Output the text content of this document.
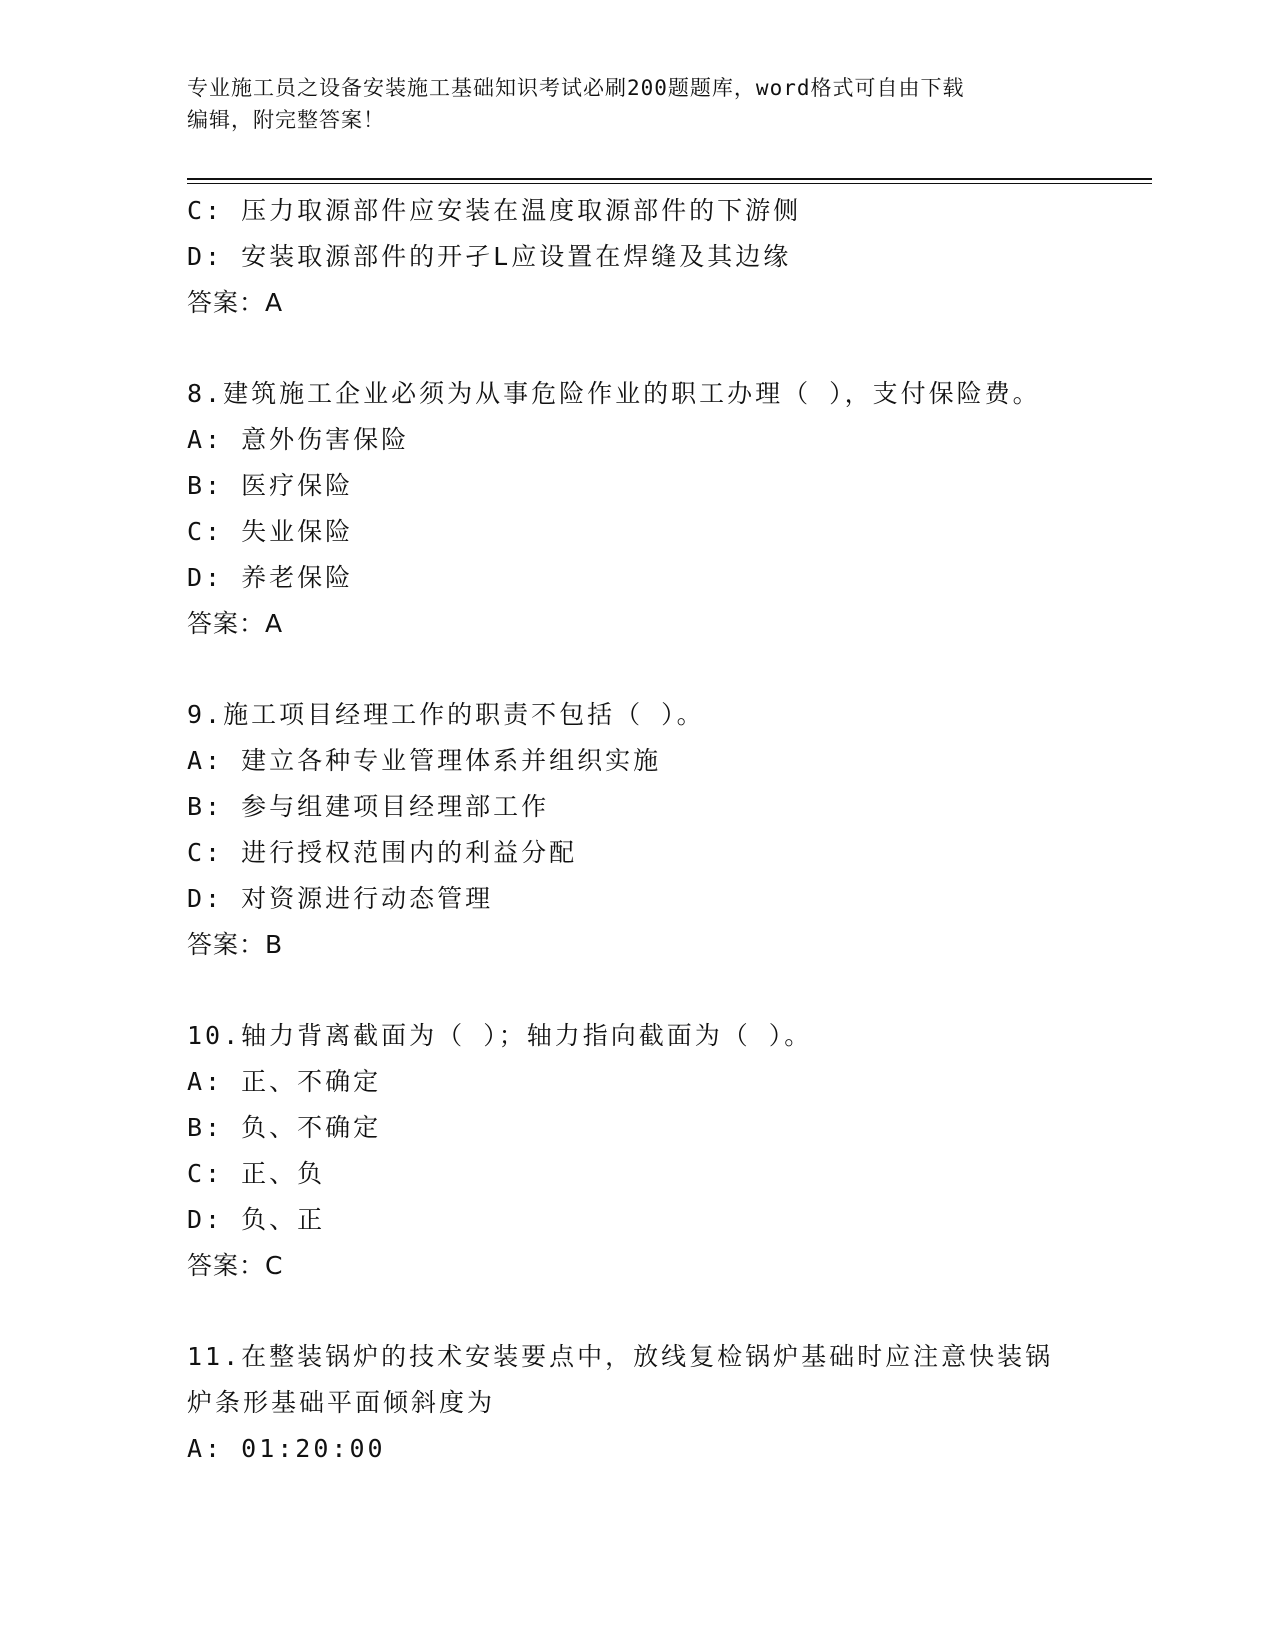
专业施工员之设备安装施工基础知识考试必刷200题题库，word格式可自由下载
编辑，附完整答案！
C: 压力取源部件应安装在温度取源部件的下游侧
D: 安装取源部件的开孑L应设置在焊缝及其边缘
答案：A
8.建筑施工企业必须为从事危险作业的职工办理（ ），支付保险费。
A: 意外伤害保险
B: 医疗保险
C: 失业保险
D: 养老保险
答案：A
9.施工项目经理工作的职责不包括（ ）。
A: 建立各种专业管理体系并组织实施
B: 参与组建项目经理部工作
C: 进行授权范围内的利益分配
D: 对资源进行动态管理
答案：B
10.轴力背离截面为（ ）；轴力指向截面为（ ）。
A: 正、不确定
B: 负、不确定
C: 正、负
D: 负、正
答案：C
11.在整装锅炉的技术安装要点中，放线复检锅炉基础时应注意快装锅
炉条形基础平面倾斜度为
A: 01:20:00
